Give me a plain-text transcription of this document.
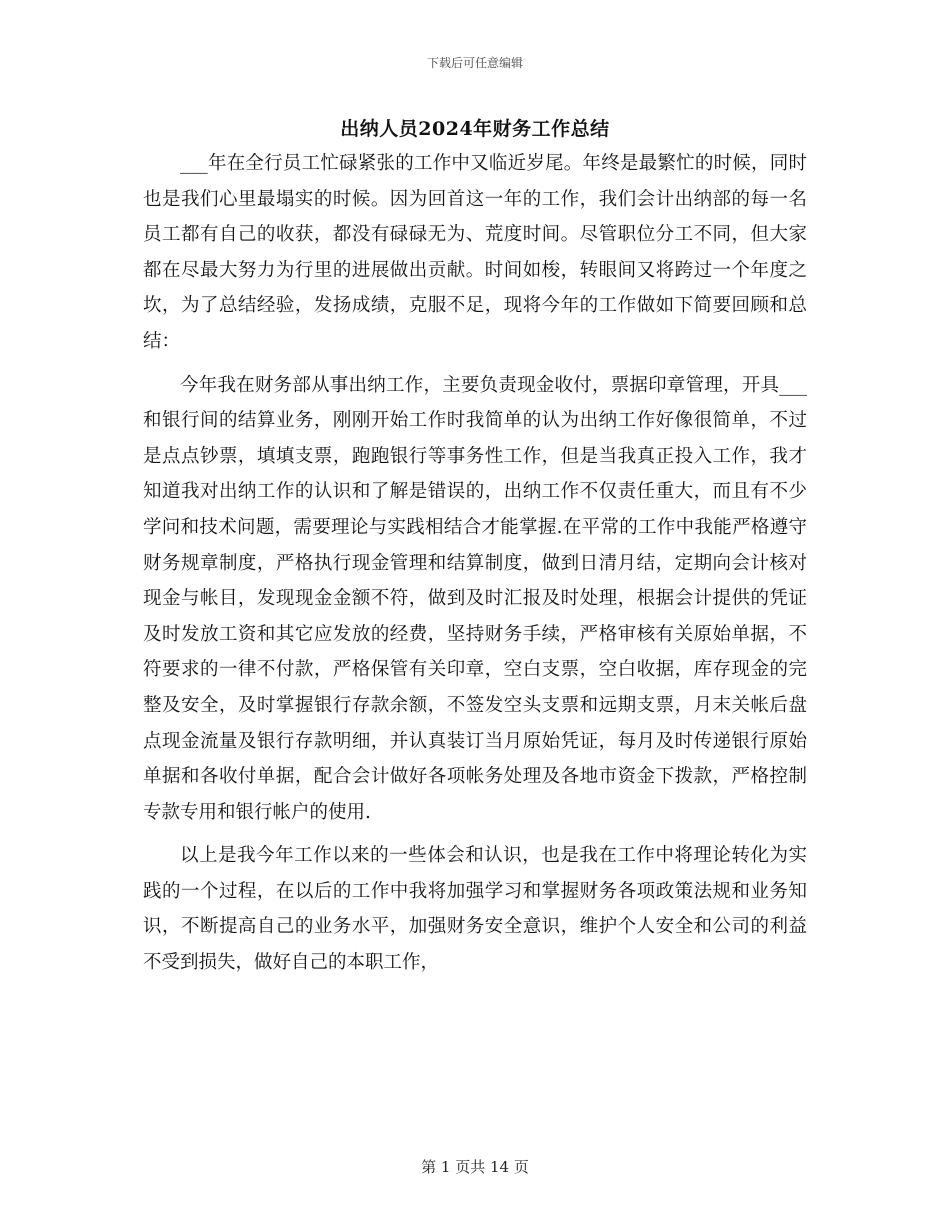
下载后可任意编辑
出纳人员2024年财务工作总结

___年在全行员工忙碌紧张的工作中又临近岁尾。年终是最繁忙的时候，同时也是我们心里最塌实的时候。因为回首这一年的工作，我们会计出纳部的每一名员工都有自己的收获，都没有碌碌无为、荒度时间。尽管职位分工不同，但大家都在尽最大努力为行里的进展做出贡献。时间如梭，转眼间又将跨过一个年度之坎，为了总结经验，发扬成绩，克服不足，现将今年的工作做如下简要回顾和总结：

今年我在财务部从事出纳工作，主要负责现金收付，票据印章管理，开具___和银行间的结算业务，刚刚开始工作时我简单的认为出纳工作好像很简单，不过是点点钞票，填填支票，跑跑银行等事务性工作，但是当我真正投入工作，我才知道我对出纳工作的认识和了解是错误的，出纳工作不仅责任重大，而且有不少学问和技术问题，需要理论与实践相结合才能掌握.在平常的工作中我能严格遵守财务规章制度，严格执行现金管理和结算制度，做到日清月结，定期向会计核对现金与帐目，发现现金金额不符，做到及时汇报及时处理，根据会计提供的凭证及时发放工资和其它应发放的经费，坚持财务手续，严格审核有关原始单据，不符要求的一律不付款，严格保管有关印章，空白支票，空白收据，库存现金的完整及安全，及时掌握银行存款余额，不签发空头支票和远期支票，月末关帐后盘点现金流量及银行存款明细，并认真装订当月原始凭证，每月及时传递银行原始单据和各收付单据，配合会计做好各项帐务处理及各地市资金下拨款，严格控制专款专用和银行帐户的使用.

以上是我今年工作以来的一些体会和认识，也是我在工作中将理论转化为实践的一个过程，在以后的工作中我将加强学习和掌握财务各项政策法规和业务知识，不断提高自己的业务水平，加强财务安全意识，维护个人安全和公司的利益不受到损失，做好自己的本职工作，

第 1 页共 14 页
